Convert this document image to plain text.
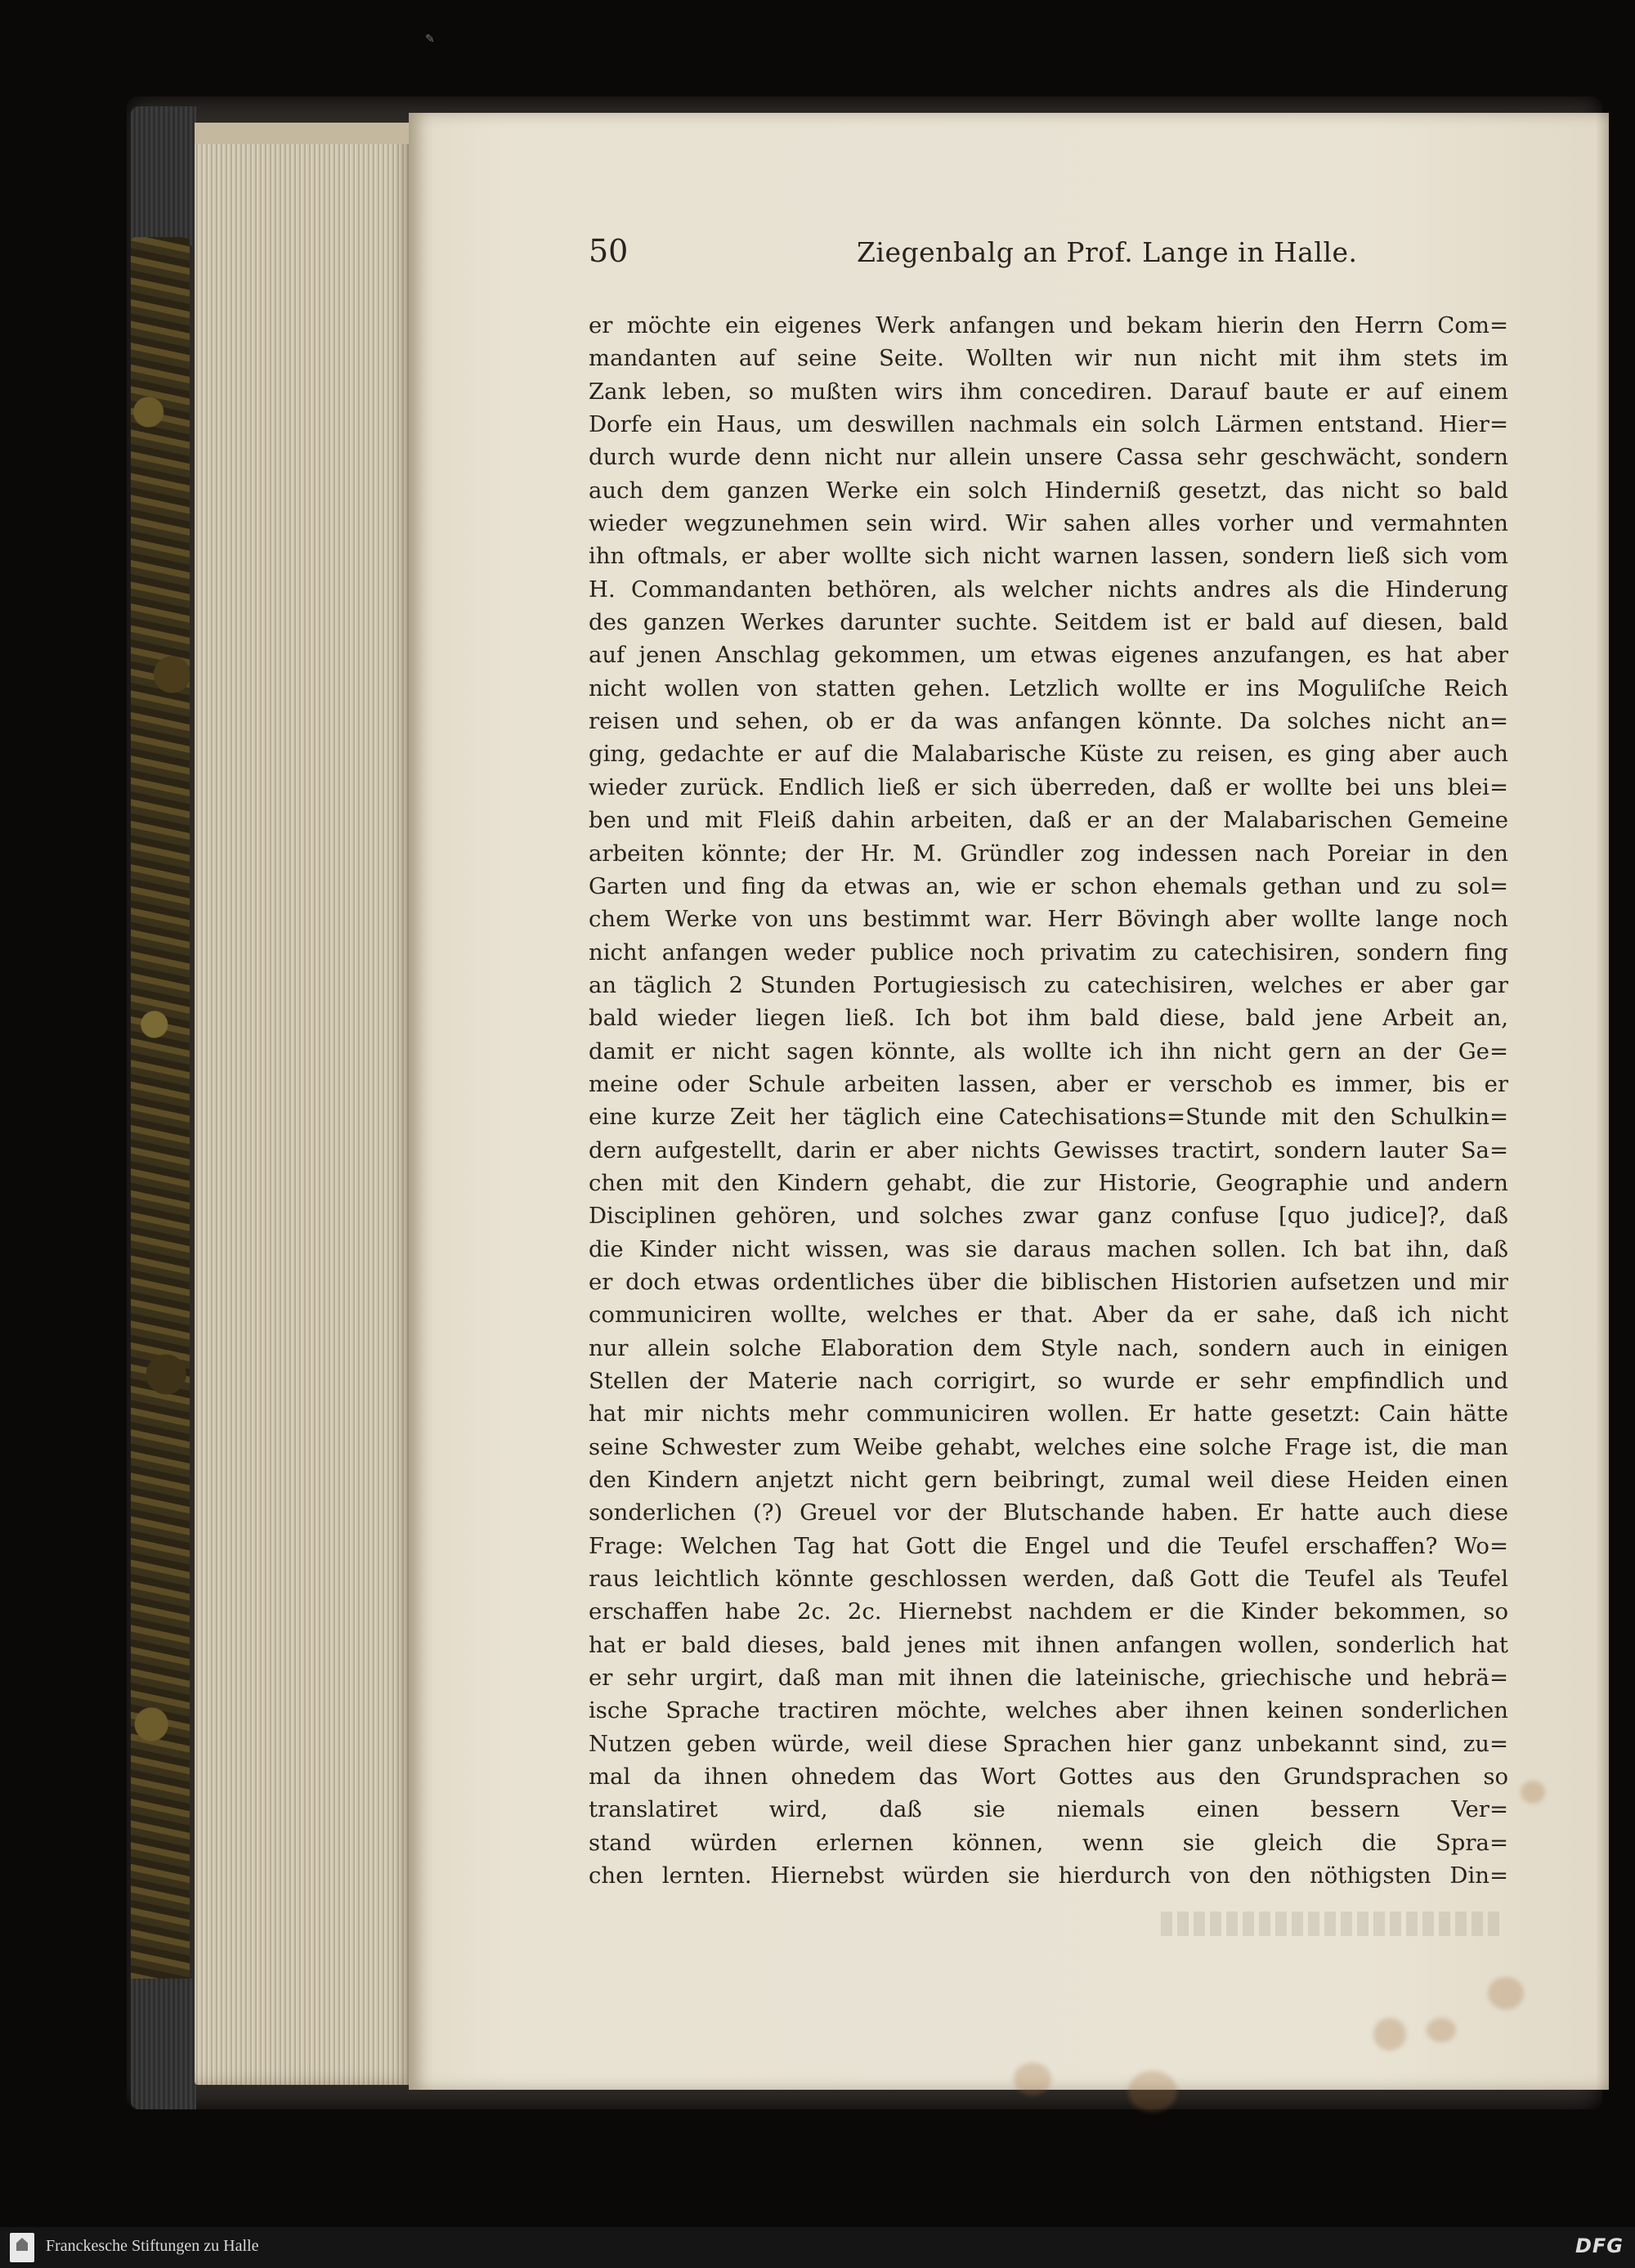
✎
50	Ziegenbalg an Prof. Lange in Halle.
er möchte ein eigenes Werk anfangen und bekam hierin den Herrn Com=
mandanten auf seine Seite. Wollten wir nun nicht mit ihm stets im
Zank leben, so mußten wirs ihm concediren. Darauf baute er auf einem
Dorfe ein Haus, um deswillen nachmals ein solch Lärmen entstand. Hier=
durch wurde denn nicht nur allein unsere Cassa sehr geschwächt, sondern
auch dem ganzen Werke ein solch Hinderniß gesetzt, das nicht so bald
wieder wegzunehmen sein wird. Wir sahen alles vorher und vermahnten
ihn oftmals, er aber wollte sich nicht warnen lassen, sondern ließ sich vom
H. Commandanten bethören, als welcher nichts andres als die Hinderung
des ganzen Werkes darunter suchte. Seitdem ist er bald auf diesen, bald
auf jenen Anschlag gekommen, um etwas eigenes anzufangen, es hat aber
nicht wollen von statten gehen. Letzlich wollte er ins Moguliſche Reich
reisen und sehen, ob er da was anfangen könnte. Da solches nicht an=
ging, gedachte er auf die Malabarische Küste zu reisen, es ging aber auch
wieder zurück. Endlich ließ er sich überreden, daß er wollte bei uns blei=
ben und mit Fleiß dahin arbeiten, daß er an der Malabarischen Gemeine
arbeiten könnte; der Hr. M. Gründler zog indessen nach Poreiar in den
Garten und fing da etwas an, wie er schon ehemals gethan und zu sol=
chem Werke von uns bestimmt war. Herr Bövingh aber wollte lange noch
nicht anfangen weder publice noch privatim zu catechisiren, sondern fing
an täglich 2 Stunden Portugiesisch zu catechisiren, welches er aber gar
bald wieder liegen ließ. Ich bot ihm bald diese, bald jene Arbeit an,
damit er nicht sagen könnte, als wollte ich ihn nicht gern an der Ge=
meine oder Schule arbeiten lassen, aber er verschob es immer, bis er
eine kurze Zeit her täglich eine Catechisations=Stunde mit den Schulkin=
dern aufgestellt, darin er aber nichts Gewisses tractirt, sondern lauter Sa=
chen mit den Kindern gehabt, die zur Historie, Geographie und andern
Disciplinen gehören, und solches zwar ganz confuse [quo judice]?, daß
die Kinder nicht wissen, was sie daraus machen sollen. Ich bat ihn, daß
er doch etwas ordentliches über die biblischen Historien aufsetzen und mir
communiciren wollte, welches er that. Aber da er sahe, daß ich nicht
nur allein solche Elaboration dem Style nach, sondern auch in einigen
Stellen der Materie nach corrigirt, so wurde er sehr empfindlich und
hat mir nichts mehr communiciren wollen. Er hatte gesetzt: Cain hätte
seine Schwester zum Weibe gehabt, welches eine solche Frage ist, die man
den Kindern anjetzt nicht gern beibringt, zumal weil diese Heiden einen
sonderlichen (?) Greuel vor der Blutschande haben. Er hatte auch diese
Frage: Welchen Tag hat Gott die Engel und die Teufel erschaffen? Wo=
raus leichtlich könnte geschlossen werden, daß Gott die Teufel als Teufel
erschaffen habe 2c. 2c. Hiernebst nachdem er die Kinder bekommen, so
hat er bald dieses, bald jenes mit ihnen anfangen wollen, sonderlich hat
er sehr urgirt, daß man mit ihnen die lateinische, griechische und hebrä=
ische Sprache tractiren möchte, welches aber ihnen keinen sonderlichen
Nutzen geben würde, weil diese Sprachen hier ganz unbekannt sind, zu=
mal da ihnen ohnedem das Wort Gottes aus den Grundsprachen so
translatiret wird, daß sie niemals einen bessern Ver=
stand würden erlernen können, wenn sie gleich die Spra=
chen lernten. Hiernebst würden sie hierdurch von den nöthigsten Din=
Franckesche Stiftungen zu Halle	DFG
